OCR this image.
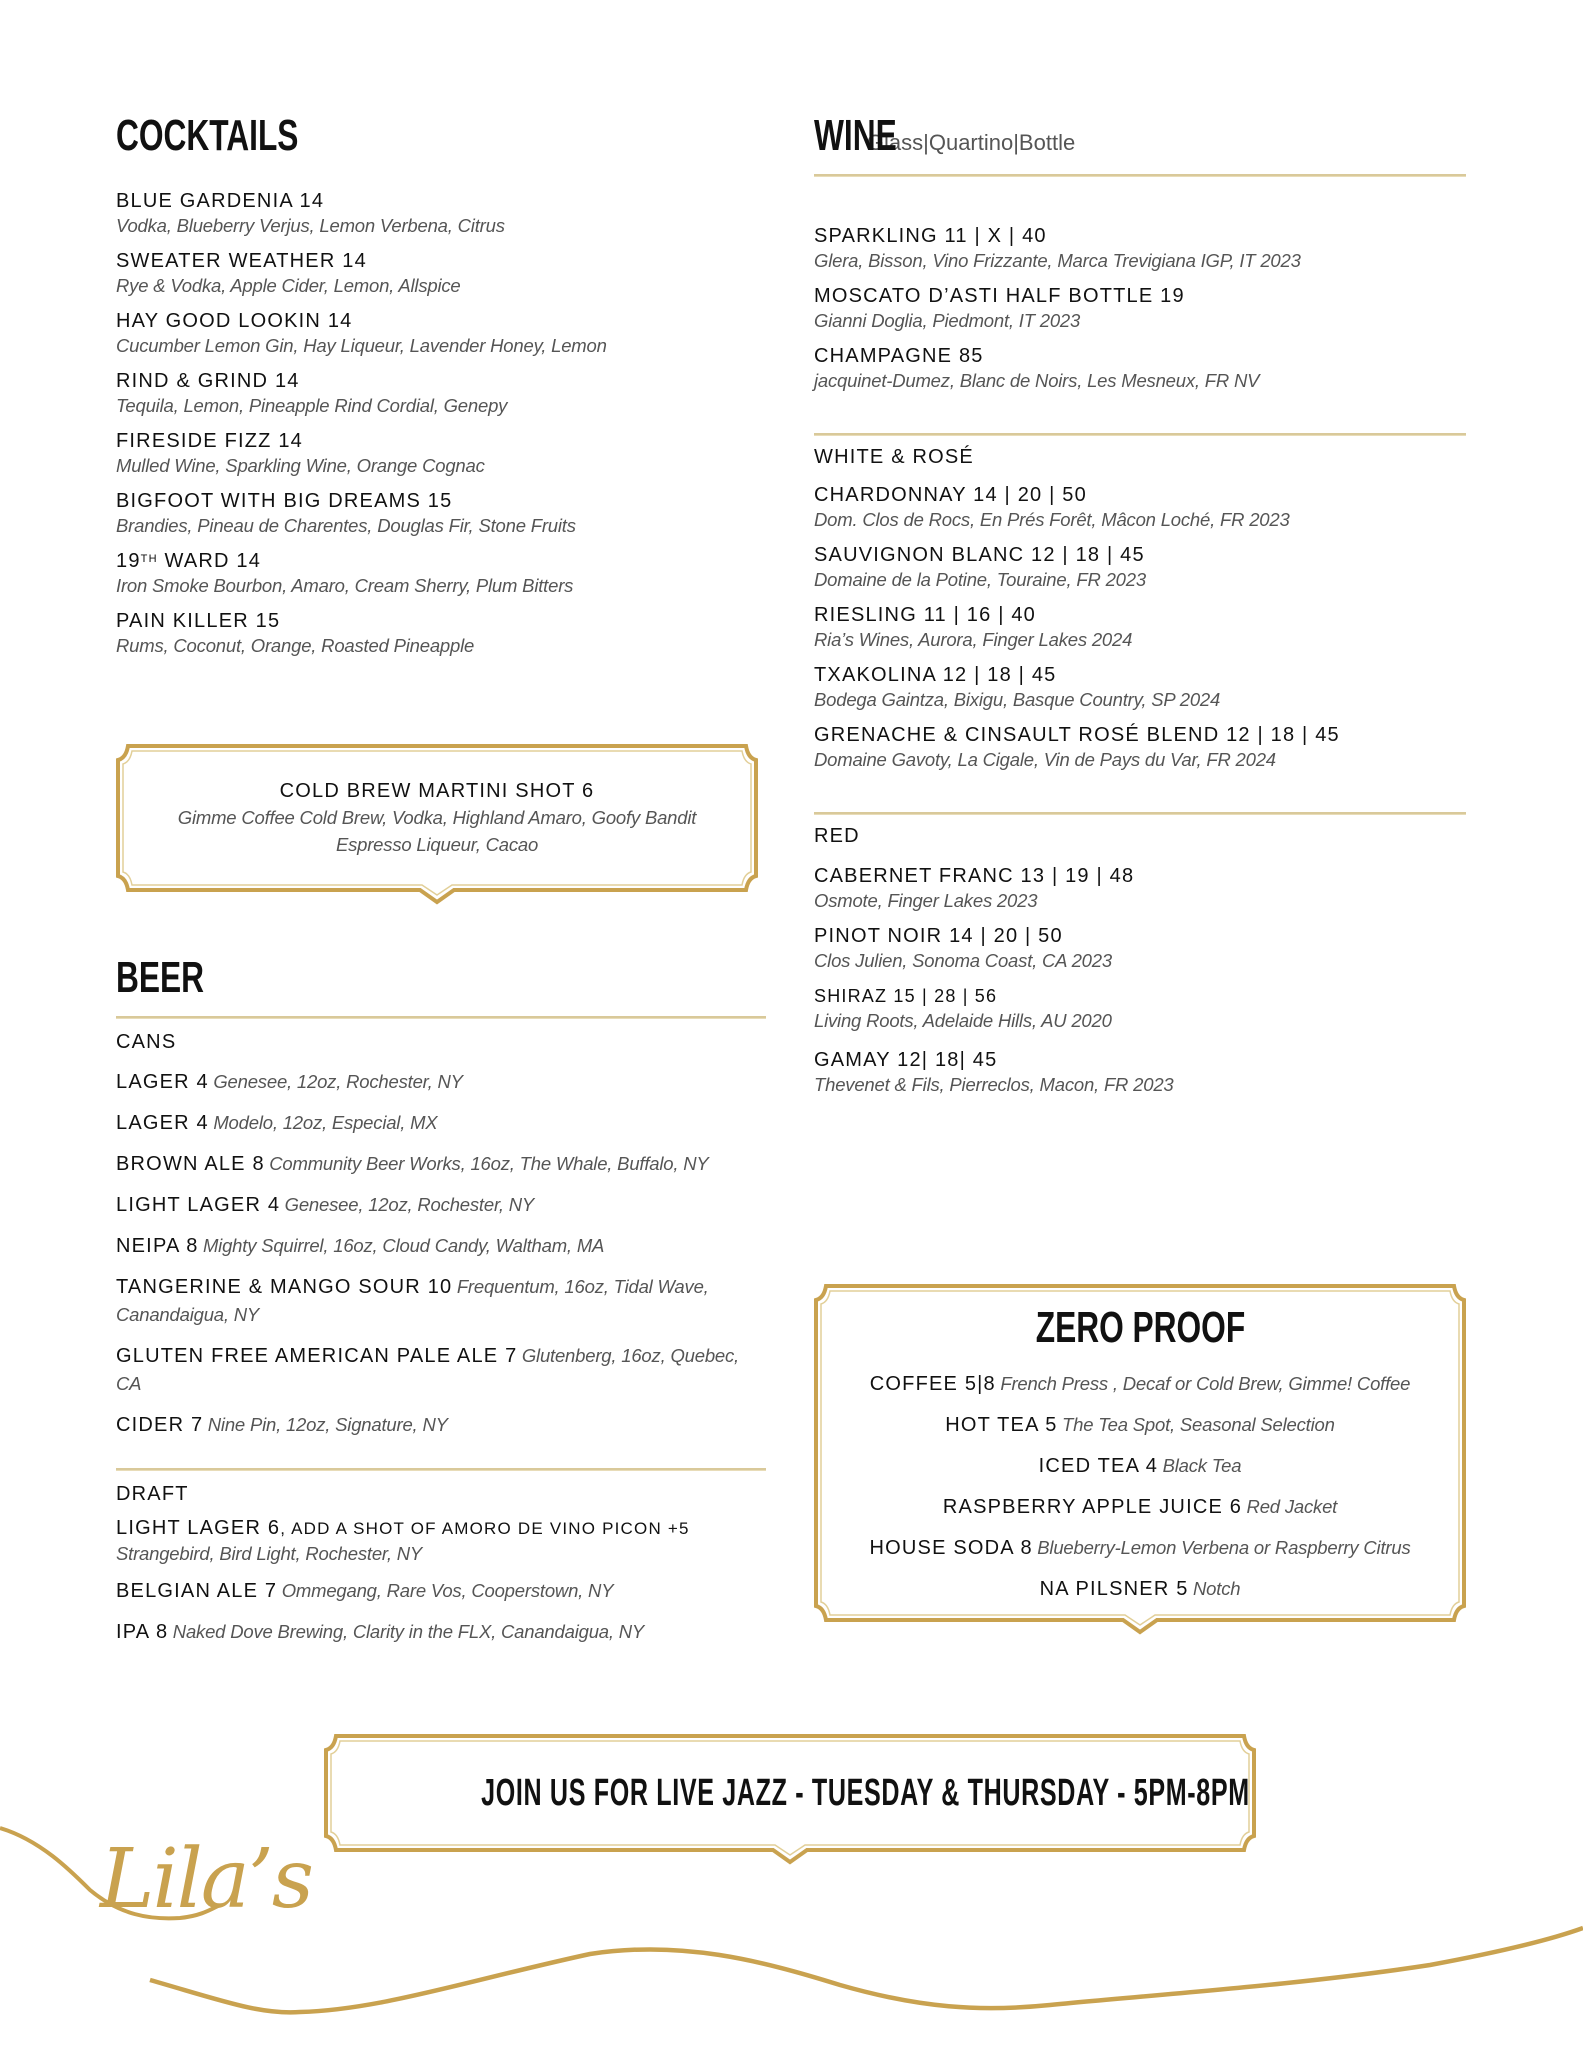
COCKTAILS
BLUE GARDENIA 14
Vodka, Blueberry Verjus, Lemon Verbena, Citrus
SWEATER WEATHER 14
Rye & Vodka, Apple Cider, Lemon, Allspice
HAY GOOD LOOKIN 14
Cucumber Lemon Gin, Hay Liqueur, Lavender Honey, Lemon
RIND & GRIND 14
Tequila, Lemon, Pineapple Rind Cordial, Genepy
FIRESIDE FIZZ 14
Mulled Wine, Sparkling Wine, Orange Cognac
BIGFOOT WITH BIG DREAMS 15
Brandies, Pineau de Charentes, Douglas Fir, Stone Fruits
19TH WARD 14
Iron Smoke Bourbon, Amaro, Cream Sherry, Plum Bitters
PAIN KILLER 15
Rums, Coconut, Orange, Roasted Pineapple
COLD BREW MARTINI SHOT 6
Gimme Coffee Cold Brew, Vodka, Highland Amaro, Goofy Bandit
Espresso Liqueur, Cacao
BEER
CANS
LAGER 4 Genesee, 12oz, Rochester, NY
LAGER 4 Modelo, 12oz, Especial, MX
BROWN ALE 8 Community Beer Works, 16oz, The Whale, Buffalo, NY
LIGHT LAGER 4 Genesee, 12oz, Rochester, NY
NEIPA 8 Mighty Squirrel, 16oz, Cloud Candy, Waltham, MA
TANGERINE & MANGO SOUR 10 Frequentum, 16oz, Tidal Wave, Canandaigua, NY
GLUTEN FREE AMERICAN PALE ALE 7 Glutenberg, 16oz, Quebec, CA
CIDER 7 Nine Pin, 12oz, Signature, NY
DRAFT
LIGHT LAGER 6, ADD A SHOT OF AMORO DE VINO PICON +5
Strangebird, Bird Light, Rochester, NY
BELGIAN ALE 7 Ommegang, Rare Vos, Cooperstown, NY
IPA 8 Naked Dove Brewing, Clarity in the FLX, Canandaigua, NY
WINEGlass|Quartino|Bottle
SPARKLING 11 | X | 40
Glera, Bisson, Vino Frizzante, Marca Trevigiana IGP, IT 2023
MOSCATO D’ASTI HALF BOTTLE 19
Gianni Doglia, Piedmont, IT 2023
CHAMPAGNE 85
jacquinet-Dumez, Blanc de Noirs, Les Mesneux, FR NV
WHITE & ROSÉ
CHARDONNAY 14 | 20 | 50
Dom. Clos de Rocs, En Prés Forêt, Mâcon Loché, FR 2023
SAUVIGNON BLANC 12 | 18 | 45
Domaine de la Potine, Touraine, FR 2023
RIESLING 11 | 16 | 40
Ria’s Wines, Aurora, Finger Lakes 2024
TXAKOLINA 12 | 18 | 45
Bodega Gaintza, Bixigu, Basque Country, SP 2024
GRENACHE & CINSAULT ROSÉ BLEND 12 | 18 | 45
Domaine Gavoty, La Cigale, Vin de Pays du Var, FR 2024
RED
CABERNET FRANC 13 | 19 | 48
Osmote, Finger Lakes 2023
PINOT NOIR 14 | 20 | 50
Clos Julien, Sonoma Coast, CA 2023
SHIRAZ 15 | 28 | 56
Living Roots, Adelaide Hills, AU 2020
GAMAY 12| 18| 45
Thevenet & Fils, Pierreclos, Macon, FR 2023
ZERO PROOF
COFFEE 5|8 French Press , Decaf or Cold Brew, Gimme! Coffee
HOT TEA 5 The Tea Spot, Seasonal Selection
ICED TEA 4 Black Tea
RASPBERRY APPLE JUICE 6 Red Jacket
HOUSE SODA 8 Blueberry-Lemon Verbena or Raspberry Citrus
NA PILSNER 5 Notch
JOIN US FOR LIVE JAZZ - TUESDAY & THURSDAY - 5PM-8PM
Lila’s
